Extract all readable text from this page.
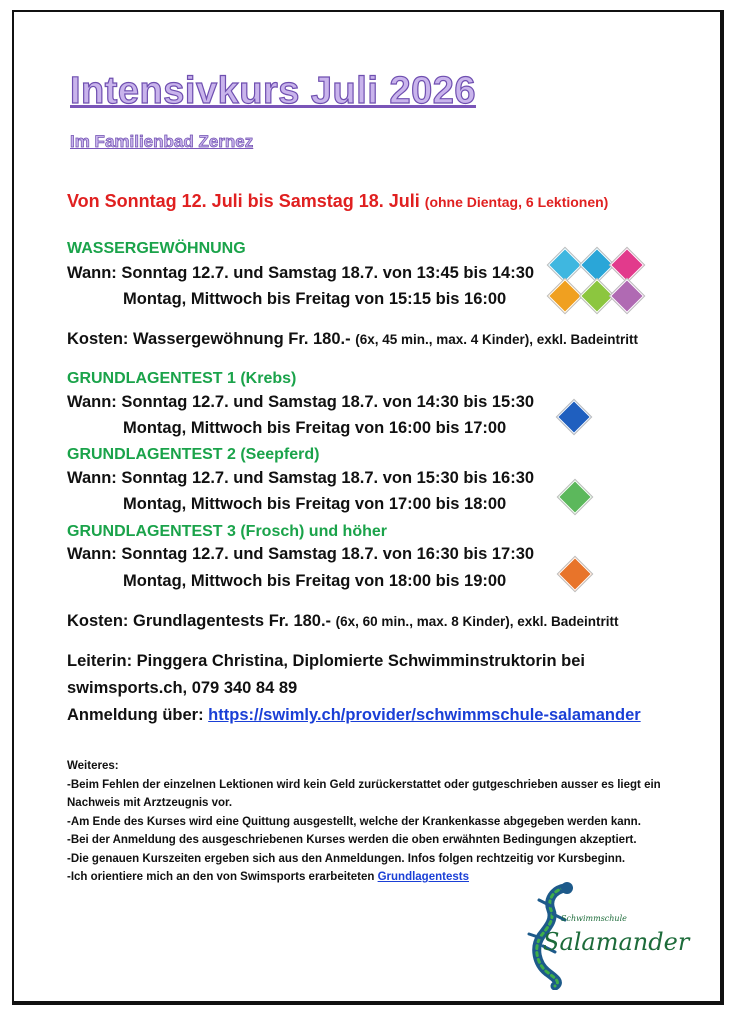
Intensivkurs Juli 2026
Im Familienbad Zernez
Von Sonntag 12. Juli bis Samstag 18. Juli (ohne Dientag, 6 Lektionen)
WASSERGEWÖHNUNG
Wann: Sonntag 12.7. und Samstag 18.7. von 13:45 bis 14:30
Montag, Mittwoch bis Freitag von 15:15 bis 16:00
Kosten: Wassergewöhnung Fr. 180.- (6x, 45 min., max. 4 Kinder), exkl. Badeintritt
GRUNDLAGENTEST 1 (Krebs)
Wann: Sonntag 12.7. und Samstag 18.7. von 14:30 bis 15:30
Montag, Mittwoch bis Freitag von 16:00 bis 17:00
GRUNDLAGENTEST 2 (Seepferd)
Wann: Sonntag 12.7. und Samstag 18.7. von 15:30 bis 16:30
Montag, Mittwoch bis Freitag von 17:00 bis 18:00
GRUNDLAGENTEST 3 (Frosch) und höher
Wann: Sonntag 12.7. und Samstag 18.7. von 16:30 bis 17:30
Montag, Mittwoch bis Freitag von 18:00 bis 19:00
Kosten: Grundlagentests Fr. 180.- (6x, 60 min., max. 8 Kinder), exkl. Badeintritt
Leiterin: Pinggera Christina, Diplomierte Schwimminstruktorin bei
swimsports.ch, 079 340 84 89
Anmeldung über: https://swimly.ch/provider/schwimmschule-salamander
Weiteres:
-Beim Fehlen der einzelnen Lektionen wird kein Geld zurückerstattet oder gutgeschrieben ausser es liegt ein
Nachweis mit Arztzeugnis vor.
-Am Ende des Kurses wird eine Quittung ausgestellt, welche der Krankenkasse abgegeben werden kann.
-Bei der Anmeldung des ausgeschriebenen Kurses werden die oben erwähnten Bedingungen akzeptiert.
-Die genauen Kurszeiten ergeben sich aus den Anmeldungen. Infos folgen rechtzeitig vor Kursbeginn.
-Ich orientiere mich an den von Swimsports erarbeiteten Grundlagentests
Schwimmschule
Salamander
